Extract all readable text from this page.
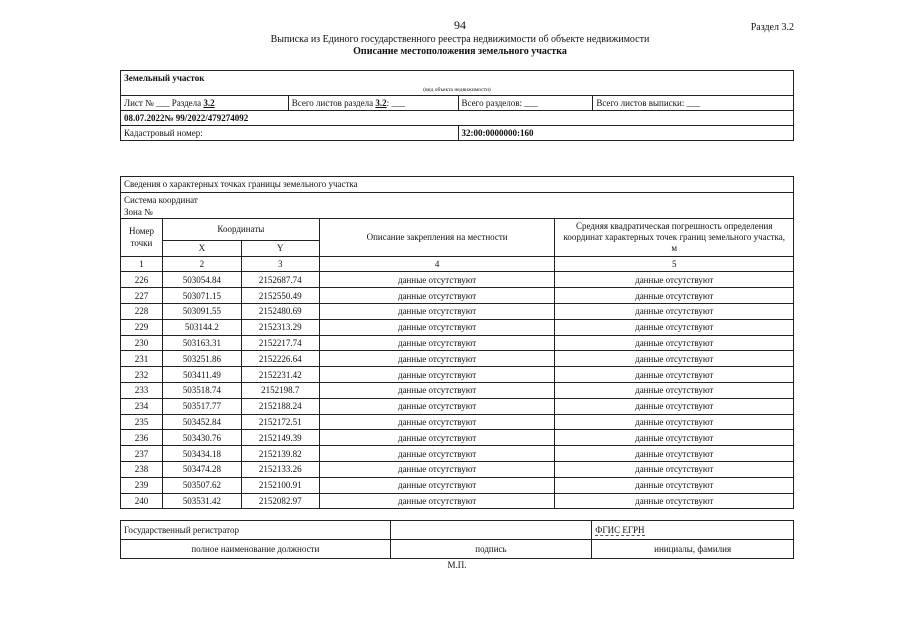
94	Раздел 3.2
Выписка из Единого государственного реестра недвижимости об объекте недвижимости
Описание местоположения земельного участка
Земельный участок			
(вид объекта недвижимости)			
Лист № ___ Раздела 3.2	Всего листов раздела 3.2: ___	Всего разделов: ___	Всего листов выписки: ___
08.07.2022№ 99/2022/479274092			
Кадастровый номер:		32:00:0000000:160	
Сведения о характерных точках границы земельного участка				

Система координат
Зона №				

Номер точки	Координаты		Описание закрепления на местности	Средняя квадратическая погрешность определения координат характерных точек границ земельного участка, м
	X	Y		
1	2	3	4	5
226	503054.84	2152687.74	данные отсутствуют	данные отсутствуют
227	503071.15	2152550.49	данные отсутствуют	данные отсутствуют
228	503091.55	2152480.69	данные отсутствуют	данные отсутствуют
229	503144.2	2152313.29	данные отсутствуют	данные отсутствуют
230	503163.31	2152217.74	данные отсутствуют	данные отсутствуют
231	503251.86	2152226.64	данные отсутствуют	данные отсутствуют
232	503411.49	2152231.42	данные отсутствуют	данные отсутствуют
233	503518.74	2152198.7	данные отсутствуют	данные отсутствуют
234	503517.77	2152188.24	данные отсутствуют	данные отсутствуют
235	503452.84	2152172.51	данные отсутствуют	данные отсутствуют
236	503430.76	2152149.39	данные отсутствуют	данные отсутствуют
237	503434.18	2152139.82	данные отсутствуют	данные отсутствуют
238	503474.28	2152133.26	данные отсутствуют	данные отсутствуют
239	503507.62	2152100.91	данные отсутствуют	данные отсутствуют
240	503531.42	2152082.97	данные отсутствуют	данные отсутствуют
Государственный регистратор		ФГИС ЕГРН
полное наименование должности	подпись	инициалы, фамилия
М.П.
